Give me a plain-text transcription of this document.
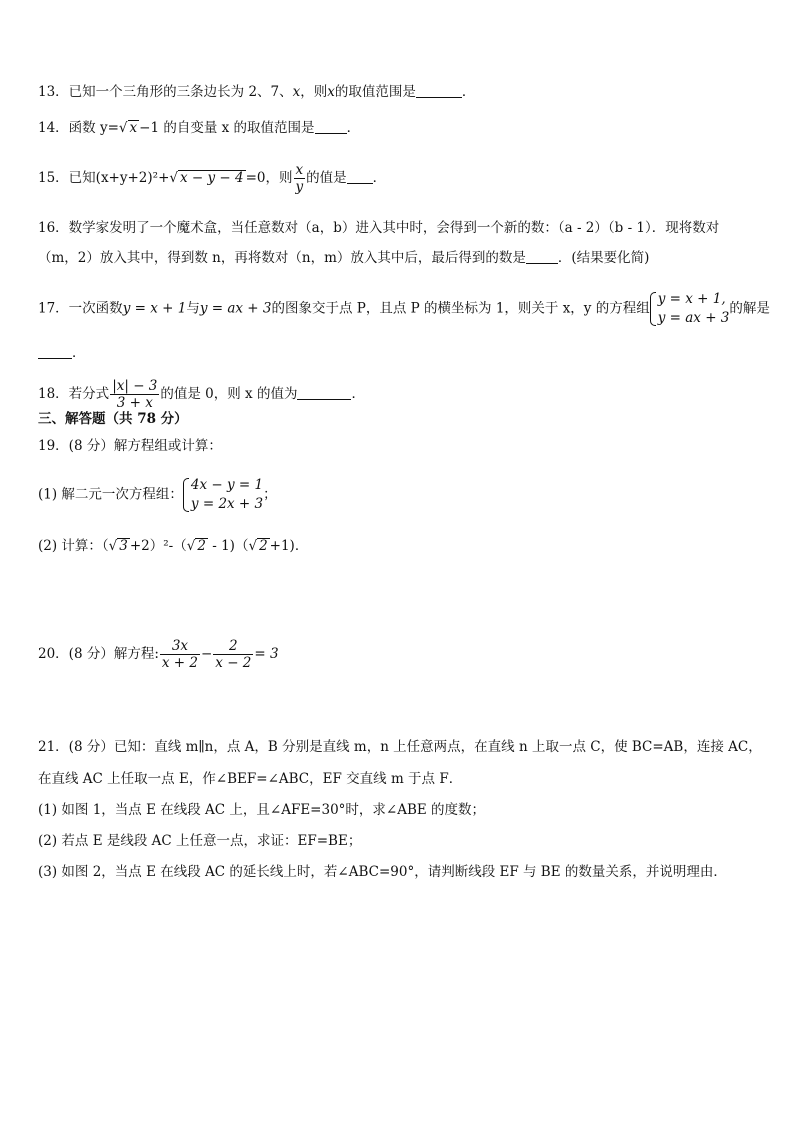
13．已知一个三角形的三条边长为 2、7、x，则x的取值范围是	．
14．函数 y=√ x −1 的自变量 x 的取值范围是 ．
15．已知(x+y+2)²+√ x − y − 4 =0，则 $\frac{x}{y}$ 的值是 ．
16．数学家发明了一个魔术盒，当任意数对（a，b）进入其中时，会得到一个新的数：（a - 2）（b - 1）．现将数对
（m，2）放入其中，得到数 n，再将数对（n，m）放入其中后，最后得到的数是 ．(结果要化简)
17．一次函数y = x + 1与y = ax + 3的图象交于点 P，且点 P 的横坐标为 1，则关于 x，y 的方程组
y = x + 1,
y = ax + 3
的解是
．
18．若分式 $\frac{|x| - 3}{3 + x}$ 的值是 0，则 x 的值为	．
三、解答题（共 78 分）
19．(8 分）解方程组或计算：
(1) 解二元一次方程组：
4x − y = 1
y = 2x + 3
；
(2) 计算：（√ 3 +2）²-（√ 2 - 1)（√ 2 +1)．
20．(8 分）解方程: $\frac{3x}{x + 2} - \frac{2}{x - 2} = 3$
21．(8 分）已知：直线 m∥n，点 A，B 分别是直线 m，n 上任意两点，在直线 n 上取一点 C，使 BC=AB，连接 AC，
在直线 AC 上任取一点 E，作∠BEF=∠ABC，EF 交直线 m 于点 F．
(1) 如图 1，当点 E 在线段 AC 上，且∠AFE=30°时，求∠ABE 的度数；
(2) 若点 E 是线段 AC 上任意一点，求证：EF=BE；
(3) 如图 2，当点 E 在线段 AC 的延长线上时，若∠ABC=90°，请判断线段 EF 与 BE 的数量关系，并说明理由．
